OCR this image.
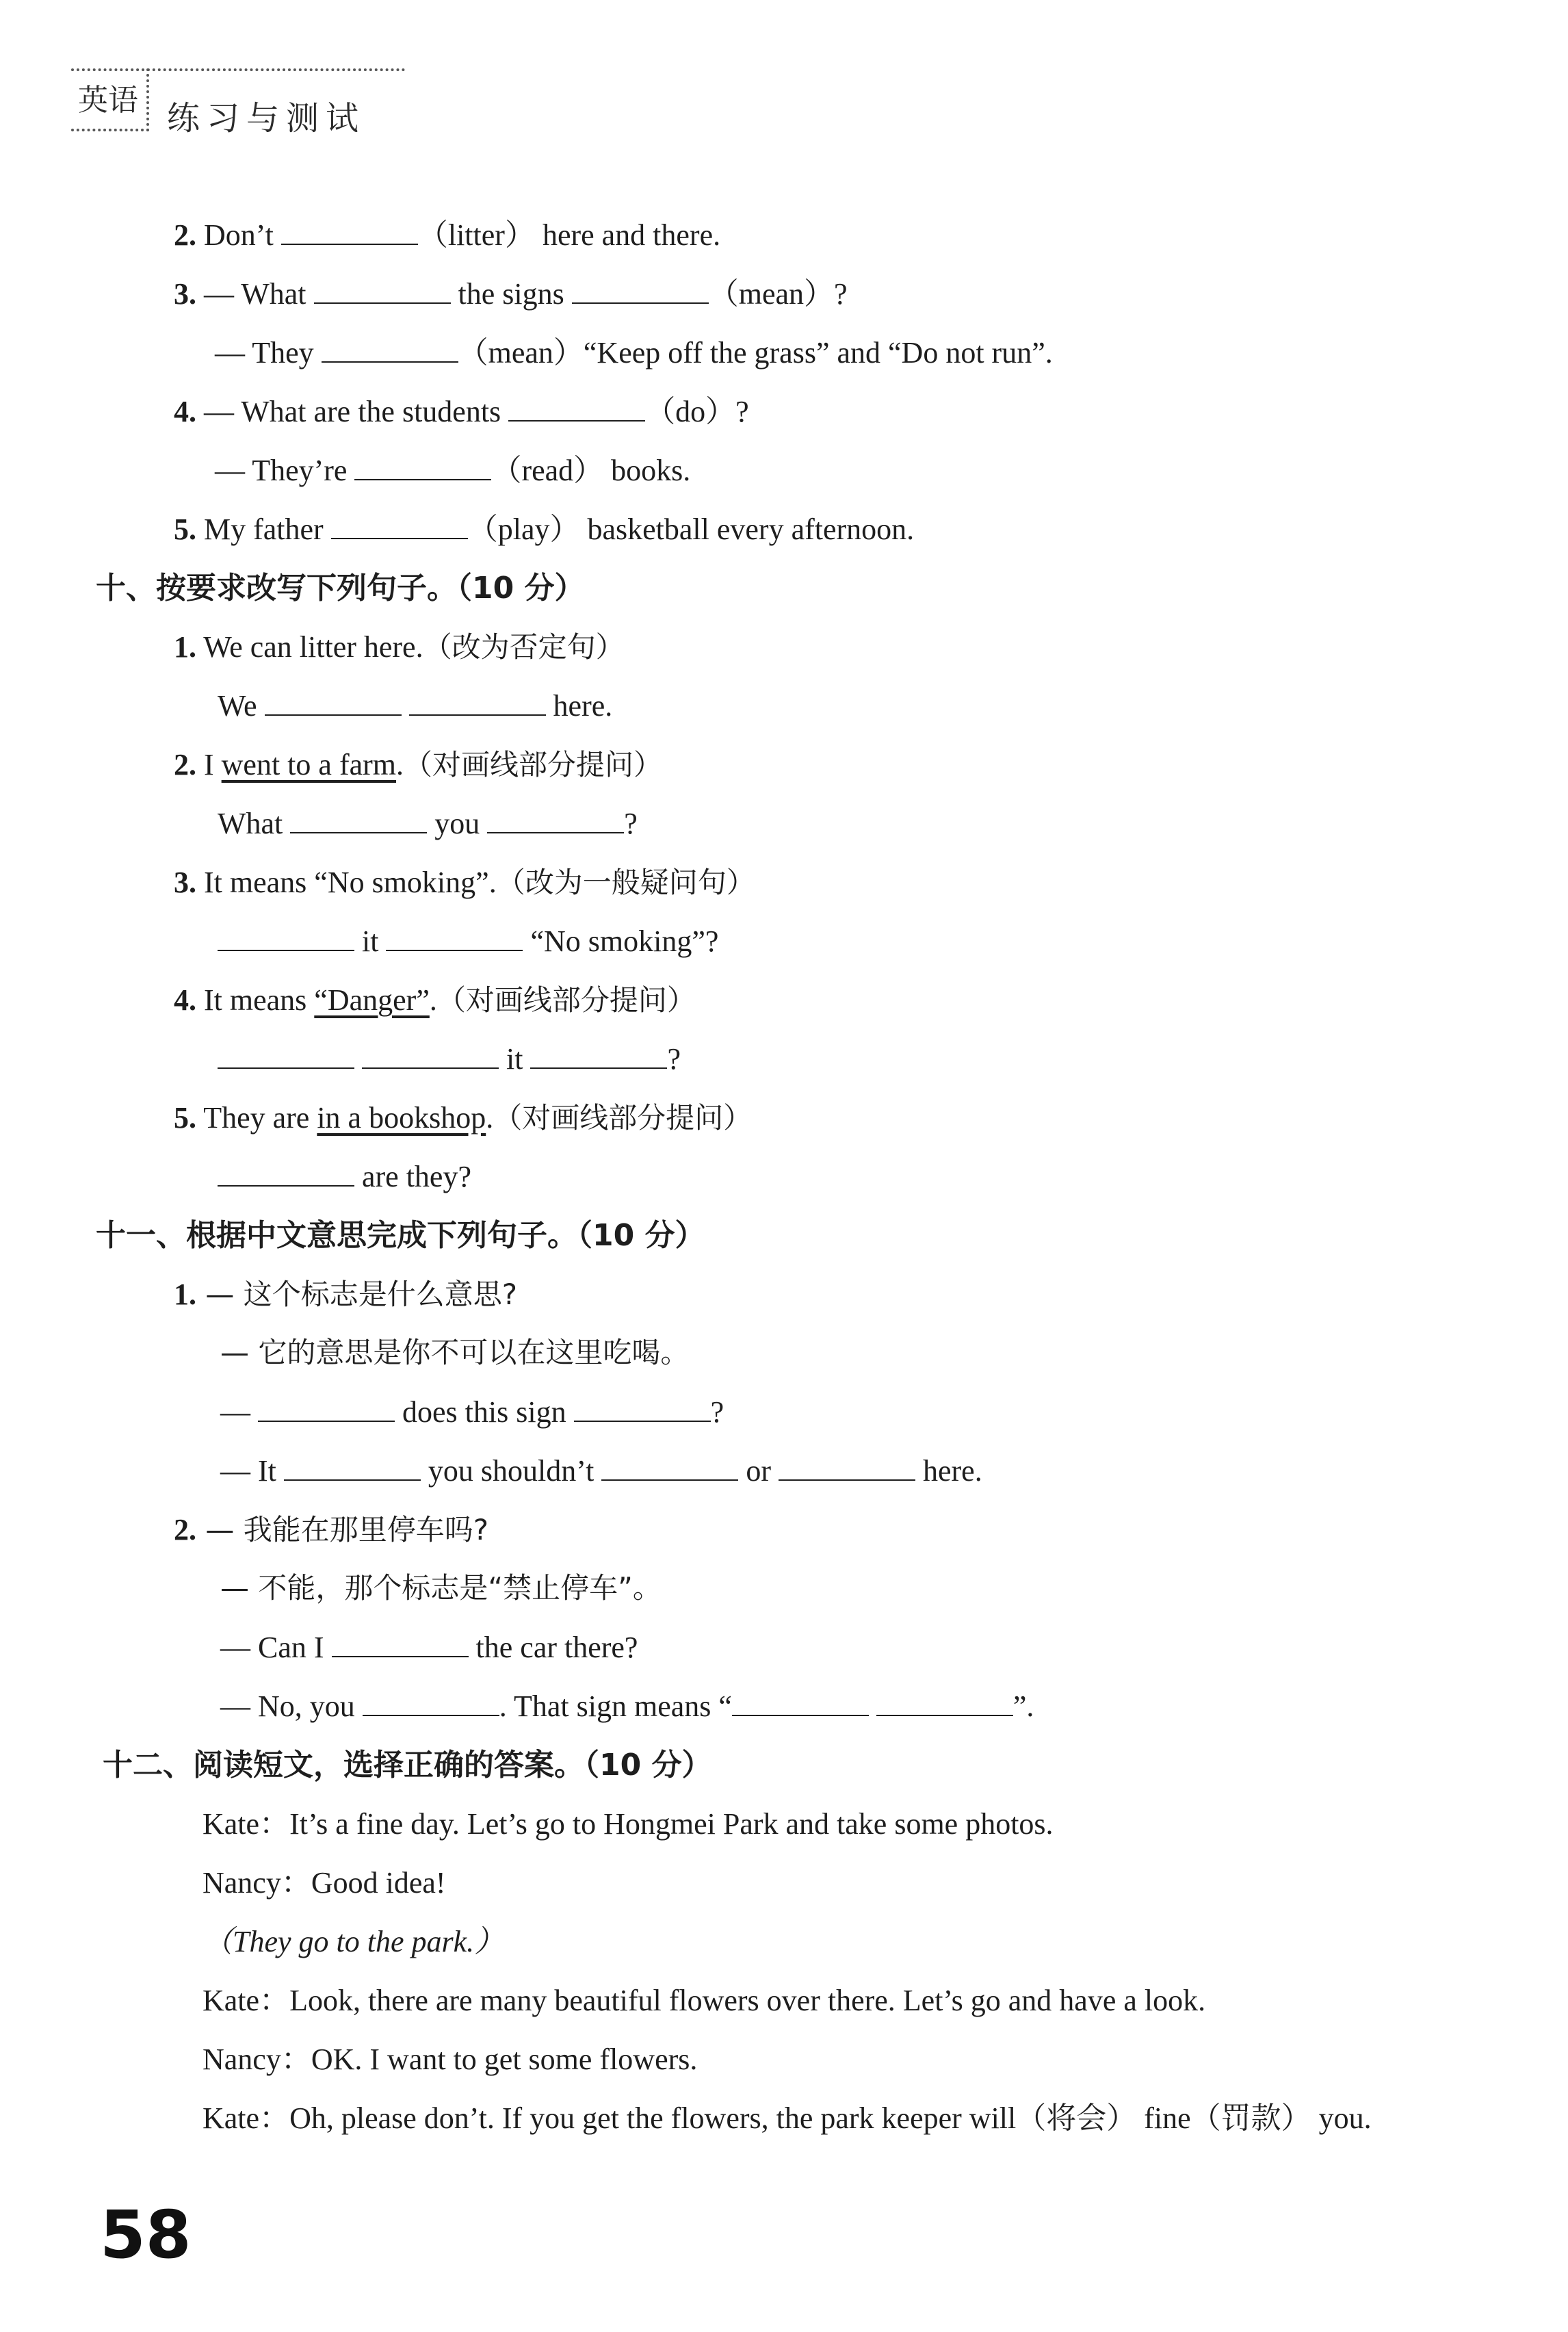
英语 练习与测试
2. Don’t	（litter） here and there.
3. — What	the signs	（mean）?
— They	（mean）“Keep off the grass” and “Do not run”.
4. — What are the students	（do）?
— They’re	（read） books.
5. My father	（play） basketball every afternoon.
十、按要求改写下列句子。（10 分）
1. We can litter here.（改为否定句）
We	here.
2. I went to a farm.（对画线部分提问）
What	you	?
3. It means “No smoking”.（改为一般疑问句）
it	“No smoking”?
4. It means “Danger”.（对画线部分提问）
it	?
5. They are in a bookshop.（对画线部分提问）
are they?
十一、根据中文意思完成下列句子。（10 分）
1. — 这个标志是什么意思?
— 它的意思是你不可以在这里吃喝。
—	does this sign	?
— It	you shouldn’t	or	here.
2. — 我能在那里停车吗?
— 不能，那个标志是“禁止停车”。
— Can I	the car there?
— No, you	. That sign means “	”.
十二、阅读短文，选择正确的答案。（10 分）
Kate：It’s a fine day. Let’s go to Hongmei Park and take some photos.
Nancy：Good idea!
（They go to the park.）
Kate：Look, there are many beautiful flowers over there. Let’s go and have a look.
Nancy：OK. I want to get some flowers.
Kate：Oh, please don’t. If you get the flowers, the park keeper will（将会） fine（罚款） you.
58
